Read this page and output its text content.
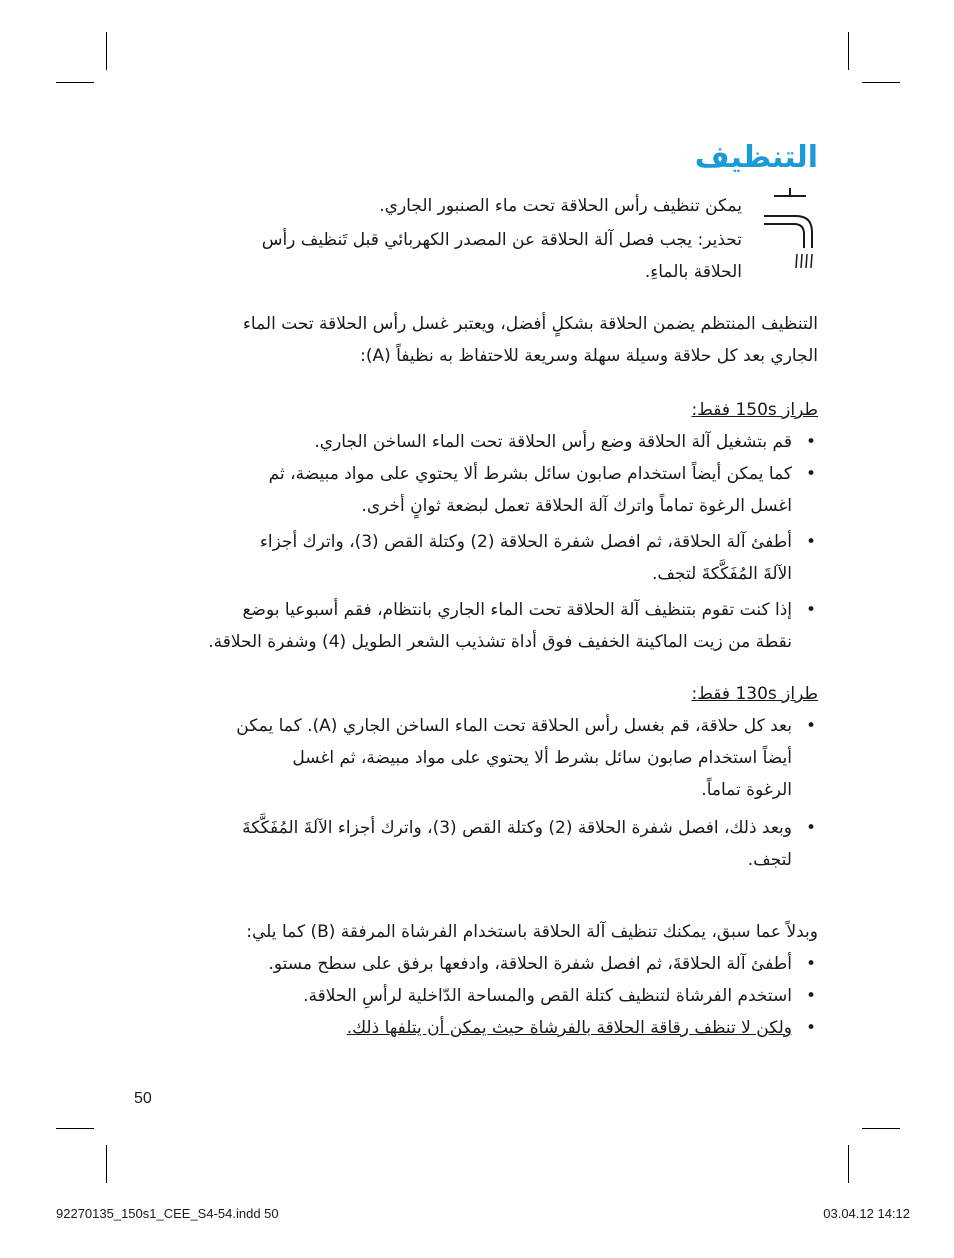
التنظيف
يمكن تنظيف رأس الحلاقة تحت ماء الصنبور الجاري.
تحذير: يجب فصل آلة الحلاقة عن المصدر الكهربائي قبل تَنظيف رأس
الحلاقة بالماءِ.
التنظيف المنتظم يضمن الحلاقة بشكلٍ أفضل، ويعتبر غسل رأس الحلاقة تحت الماء
الجاري بعد كل حلاقة وسيلة سهلة وسريعة للاحتفاظ به نظيفاً (A):
طراز 150s فقط:
•
قم بتشغيل آلة الحلاقة وضع رأس الحلاقة تحت الماء الساخن الجاري.
•
كما يمكن أيضاً استخدام صابون سائل بشرط ألا يحتوي على مواد مبيضة، ثم
اغسل الرغوة تماماً واترك آلة الحلاقة تعمل لبضعة ثوانٍ أخرى.
•
أطفئ آلة الحلاقة، ثم افصل شفرة الحلاقة (2) وكتلة القص (3)، واترك أجزاء
الآلةَ المُفَكَّكةَ لتجف.
•
إذا كنت تقوم بتنظيف آلة الحلاقة تحت الماء الجاري بانتظام، فقم أسبوعيا بوضع
نقطة من زيت الماكينة الخفيف فوق أداة تشذيب الشعر الطويل (4) وشفرة الحلاقة.
طراز 130s فقط:
•
بعد كل حلاقة، قم بغسل رأس الحلاقة تحت الماء الساخن الجاري (A). كما يمكن
أيضاً استخدام صابون سائل بشرط ألا يحتوي على مواد مبيضة، ثم اغسل
الرغوة تماماً.
•
وبعد ذلك، افصل شفرة الحلاقة (2) وكتلة القص (3)، واترك أجزاء الآلةَ المُفَكَّكةَ
لتجف.
وبدلاً عما سبق، يمكنك تنظيف آلة الحلاقة باستخدام الفرشاة المرفقة (B) كما يلي:
•
أطفئ آلة الحلاقةَ، ثم افصل شفرة الحلاقة، وادفعها برفق على سطح مستو.
•
استخدم الفرشاة لتنظيف كتلة القص والمساحة الدّاخلية لرأسِ الحلاقة.
•
ولكن لا تنظف رقاقة الحلاقة بالفرشاة حيث يمكن أن يتلفها ذلك.
50
92270135_150s1_CEE_S4-54.indd 50	03.04.12 14:12
